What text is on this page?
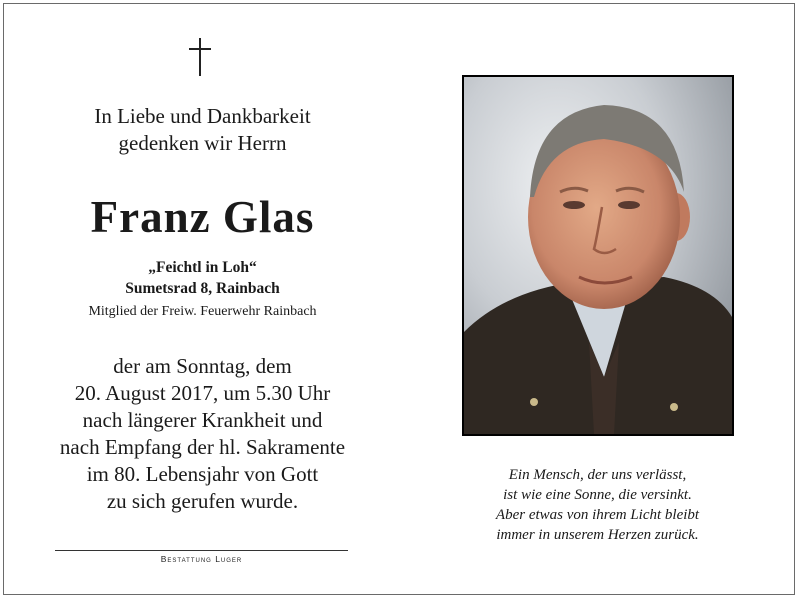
In Liebe und Dankbarkeit
gedenken wir Herrn
Franz Glas
„Feichtl in Loh“
Sumetsrad 8, Rainbach
Mitglied der Freiw. Feuerwehr Rainbach
der am Sonntag, dem
20. August 2017, um 5.30 Uhr
nach längerer Krankheit und
nach Empfang der hl. Sakramente
im 80. Lebensjahr von Gott
zu sich gerufen wurde.
Bestattung Luger
Ein Mensch, der uns verlässt,
ist wie eine Sonne, die versinkt.
Aber etwas von ihrem Licht bleibt
immer in unserem Herzen zurück.
